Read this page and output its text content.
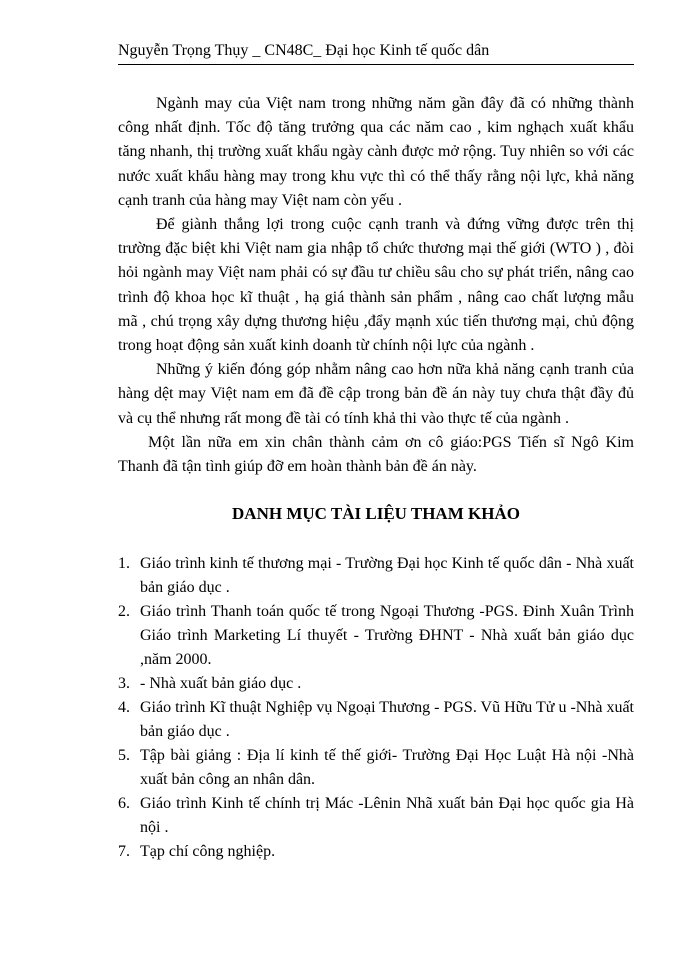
Nguyễn Trọng Thụy _ CN48C_ Đại học Kinh tế quốc dân

Ngành may của Việt nam trong những năm gần đây đã có những thành công nhất định. Tốc độ tăng trưởng qua các năm cao , kim nghạch xuất khẩu tăng nhanh, thị trường xuất khẩu ngày cành được mở rộng. Tuy nhiên so với các nước xuất khẩu hàng may trong khu vực thì có thể thấy rằng nội lực, khả năng cạnh tranh của hàng may Việt nam còn yếu .

Để giành thắng lợi trong cuộc cạnh tranh và đứng vững được trên thị trường đặc biệt khi Việt nam gia nhập tổ chức thương mại thế giới (WTO ) , đòi hỏi ngành may Việt nam phải có sự đầu tư chiều sâu cho sự phát triển, nâng cao trình độ khoa học kĩ thuật , hạ giá thành sản phẩm , nâng cao chất lượng mẫu mã , chú trọng xây dựng thương hiệu ,đẩy mạnh xúc tiến thương mại, chủ động trong hoạt động sản xuất kinh doanh từ chính nội lực của ngành .

Những ý kiến đóng góp nhằm nâng cao hơn nữa khả năng cạnh tranh của hàng dệt may Việt nam em đã đề cập trong bản đề án này tuy chưa thật đầy đủ và cụ thể nhưng rất mong đề tài có tính khả thi vào thực tế của ngành .

Một lần nữa em xin chân thành cảm ơn cô giáo:PGS Tiến sĩ Ngô Kim Thanh đã tận tình giúp đỡ em hoàn thành bản đề án này.

DANH MỤC TÀI LIỆU THAM KHẢO
1. Giáo trình kinh tế thương mại - Trường Đại học Kinh tế quốc dân - Nhà xuất bản giáo dục .
2. Giáo trình Thanh toán quốc tế trong Ngoại Thương -PGS. Đinh Xuân Trình Giáo trình Marketing Lí thuyết - Trường ĐHNT - Nhà xuất bản giáo dục ,năm 2000.
3. - Nhà xuất bản giáo dục .
4. Giáo trình Kĩ thuật Nghiệp vụ Ngoại Thương - PGS. Vũ Hữu Tử u -Nhà xuất bản giáo dục .
5. Tập bài giảng : Địa lí kinh tế thế giới- Trường Đại Học Luật Hà nội -Nhà xuất bản công an nhân dân.
6. Giáo trình Kinh tế chính trị Mác -Lênin Nhã xuất bản Đại học quốc gia Hà nội .
7. Tạp chí công nghiệp.
